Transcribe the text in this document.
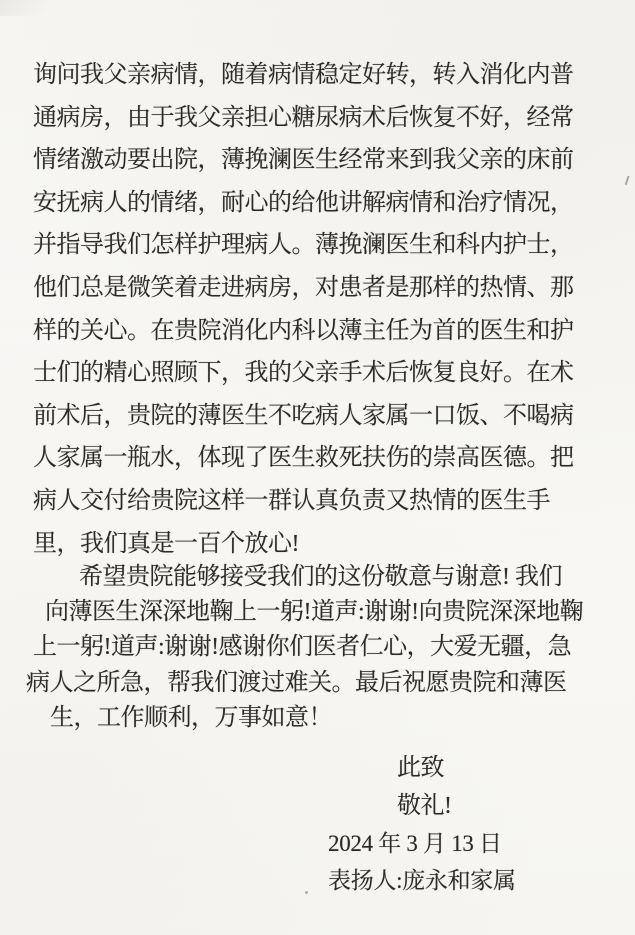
询问我父亲病情，随着病情稳定好转，转入消化内普
通病房，由于我父亲担心糖尿病术后恢复不好，经常
情绪激动要出院，薄挽澜医生经常来到我父亲的床前
安抚病人的情绪，耐心的给他讲解病情和治疗情况，
并指导我们怎样护理病人。薄挽澜医生和科内护士，
他们总是微笑着走进病房，对患者是那样的热情、那
样的关心。在贵院消化内科以薄主任为首的医生和护
士们的精心照顾下，我的父亲手术后恢复良好。在术
前术后，贵院的薄医生不吃病人家属一口饭、不喝病
人家属一瓶水，体现了医生救死扶伤的崇高医德。把
病人交付给贵院这样一群认真负责又热情的医生手
里，我们真是一百个放心!
希望贵院能够接受我们的这份敬意与谢意! 我们
向薄医生深深地鞠上一躬!道声:谢谢!向贵院深深地鞠
上一躬!道声:谢谢!感谢你们医者仁心，大爱无疆，急
病人之所急，帮我们渡过难关。最后祝愿贵院和薄医
生，工作顺利，万事如意！
此致
敬礼!
2024 年 3 月 13 日
表扬人:庞永和家属
